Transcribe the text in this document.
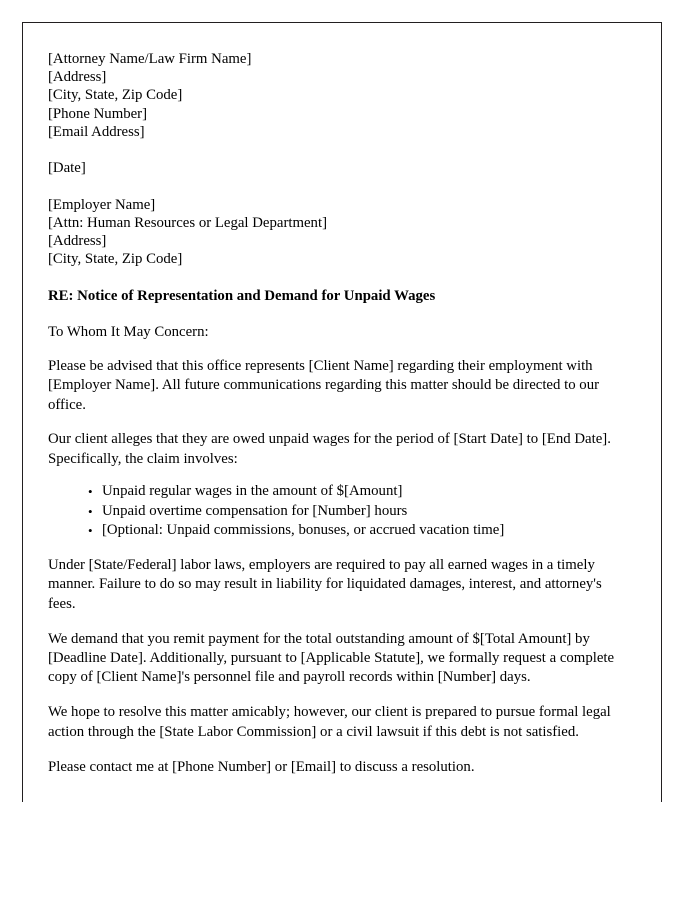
[Attorney Name/Law Firm Name]
[Address]
[City, State, Zip Code]
[Phone Number]
[Email Address]
[Date]
[Employer Name]
[Attn: Human Resources or Legal Department]
[Address]
[City, State, Zip Code]
RE: Notice of Representation and Demand for Unpaid Wages
To Whom It May Concern:

Please be advised that this office represents [Client Name] regarding their employment with [Employer Name]. All future communications regarding this matter should be directed to our office.

Our client alleges that they are owed unpaid wages for the period of [Start Date] to [End Date]. Specifically, the claim involves:

• Unpaid regular wages in the amount of $[Amount]
• Unpaid overtime compensation for [Number] hours
• [Optional: Unpaid commissions, bonuses, or accrued vacation time]

Under [State/Federal] labor laws, employers are required to pay all earned wages in a timely manner. Failure to do so may result in liability for liquidated damages, interest, and attorney's fees.

We demand that you remit payment for the total outstanding amount of $[Total Amount] by [Deadline Date]. Additionally, pursuant to [Applicable Statute], we formally request a complete copy of [Client Name]'s personnel file and payroll records within [Number] days.

We hope to resolve this matter amicably; however, our client is prepared to pursue formal legal action through the [State Labor Commission] or a civil lawsuit if this debt is not satisfied.

Please contact me at [Phone Number] or [Email] to discuss a resolution.
